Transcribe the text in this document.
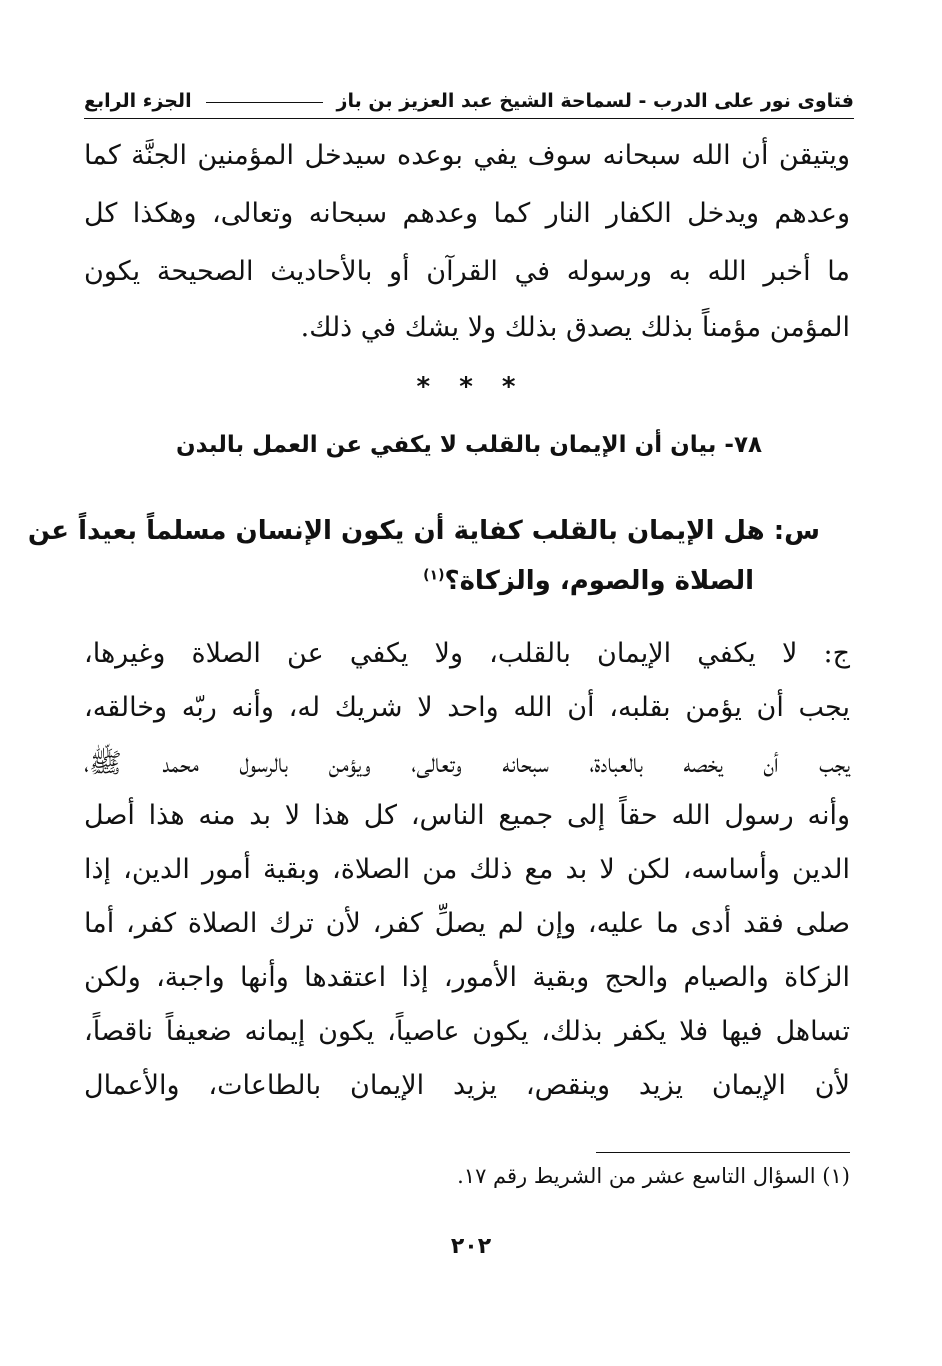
فتاوى نور على الدرب - لسماحة الشيخ عبد العزيز بن باز
الجزء الرابع
ويتيقن أن الله سبحانه سوف يفي بوعده سيدخل المؤمنين الجنَّة كما
وعدهم ويدخل الكفار النار كما وعدهم سبحانه وتعالى، وهكذا كل
ما أخبر الله به ورسوله في القرآن أو بالأحاديث الصحيحة يكون
المؤمن مؤمناً بذلك يصدق بذلك ولا يشك في ذلك.
* * *
٧٨- بيان أن الإيمان بالقلب لا يكفي عن العمل بالبدن
س: هل الإيمان بالقلب كفاية أن يكون الإنسان مسلماً بعيداً عن
الصلاة والصوم، والزكاة؟$^{(١)}$
ج: لا يكفي الإيمان بالقلب، ولا يكفي عن الصلاة وغيرها،
يجب أن يؤمن بقلبه، أن الله واحد لا شريك له، وأنه ربّه وخالقه،
يجب أن يخصه بالعبادة، سبحانه وتعالى، ويؤمن بالرسول محمد ﷺ،
وأنه رسول الله حقاً إلى جميع الناس، كل هذا لا بد منه هذا أصل
الدين وأساسه، لكن لا بد مع ذلك من الصلاة، وبقية أمور الدين، إذا
صلى فقد أدى ما عليه، وإن لم يصلِّ كفر، لأن ترك الصلاة كفر، أما
الزكاة والصيام والحج وبقية الأمور، إذا اعتقدها وأنها واجبة، ولكن
تساهل فيها فلا يكفر بذلك، يكون عاصياً، يكون إيمانه ضعيفاً ناقصاً،
لأن الإيمان يزيد وينقص، يزيد الإيمان بالطاعات، والأعمال
(١) السؤال التاسع عشر من الشريط رقم ١٧.
٢٠٢
